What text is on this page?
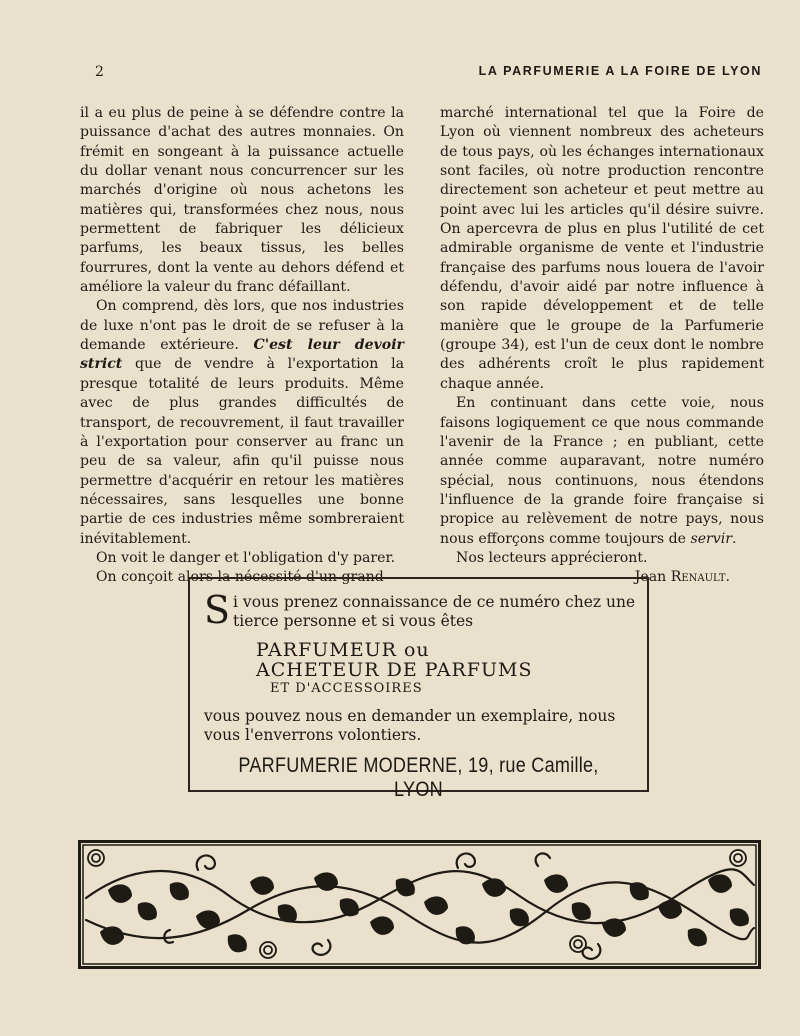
2	LA PARFUMERIE A LA FOIRE DE LYON

il a eu plus de peine à se défendre contre la puissance d'achat des autres monnaies. On frémit en songeant à la puissance actuelle du dollar venant nous concurrencer sur les marchés d'origine où nous achetons les matières qui, transformées chez nous, nous permettent de fabriquer les délicieux parfums, les beaux tissus, les belles fourrures, dont la vente au dehors défend et améliore la valeur du franc défaillant.

On comprend, dès lors, que nos industries de luxe n'ont pas le droit de se refuser à la demande extérieure. C'est leur devoir strict que de vendre à l'exportation la presque totalité de leurs produits. Même avec de plus grandes difficultés de transport, de recouvrement, il faut travailler à l'exportation pour conserver au franc un peu de sa valeur, afin qu'il puisse nous permettre d'acquérir en retour les matières nécessaires, sans lesquelles une bonne partie de ces industries même sombreraient inévitablement.

On voit le danger et l'obligation d'y parer.

On conçoit alors la nécessité d'un grand

marché international tel que la Foire de Lyon où viennent nombreux des acheteurs de tous pays, où les échanges internationaux sont faciles, où notre production rencontre directement son acheteur et peut mettre au point avec lui les articles qu'il désire suivre. On apercevra de plus en plus l'utilité de cet admirable organisme de vente et l'industrie française des parfums nous louera de l'avoir défendu, d'avoir aidé par notre influence à son rapide développement et de telle manière que le groupe de la Parfumerie (groupe 34), est l'un de ceux dont le nombre des adhérents croît le plus rapidement chaque année.

En continuant dans cette voie, nous faisons logiquement ce que nous commande l'avenir de la France ; en publiant, cette année comme auparavant, notre numéro spécial, nous continuons, nous étendons l'influence de la grande foire française si propice au relèvement de notre pays, nous nous efforçons comme toujours de servir.

Nos lecteurs apprécieront.

Jean Renault.

Si vous prenez connaissance de ce numéro chez une tierce personne et si vous êtes
PARFUMEUR ou
ACHETEUR DE PARFUMS
ET D'ACCESSOIRES
vous pouvez nous en demander un exemplaire, nous vous l'enverrons volontiers.
PARFUMERIE MODERNE, 19, rue Camille, LYON
